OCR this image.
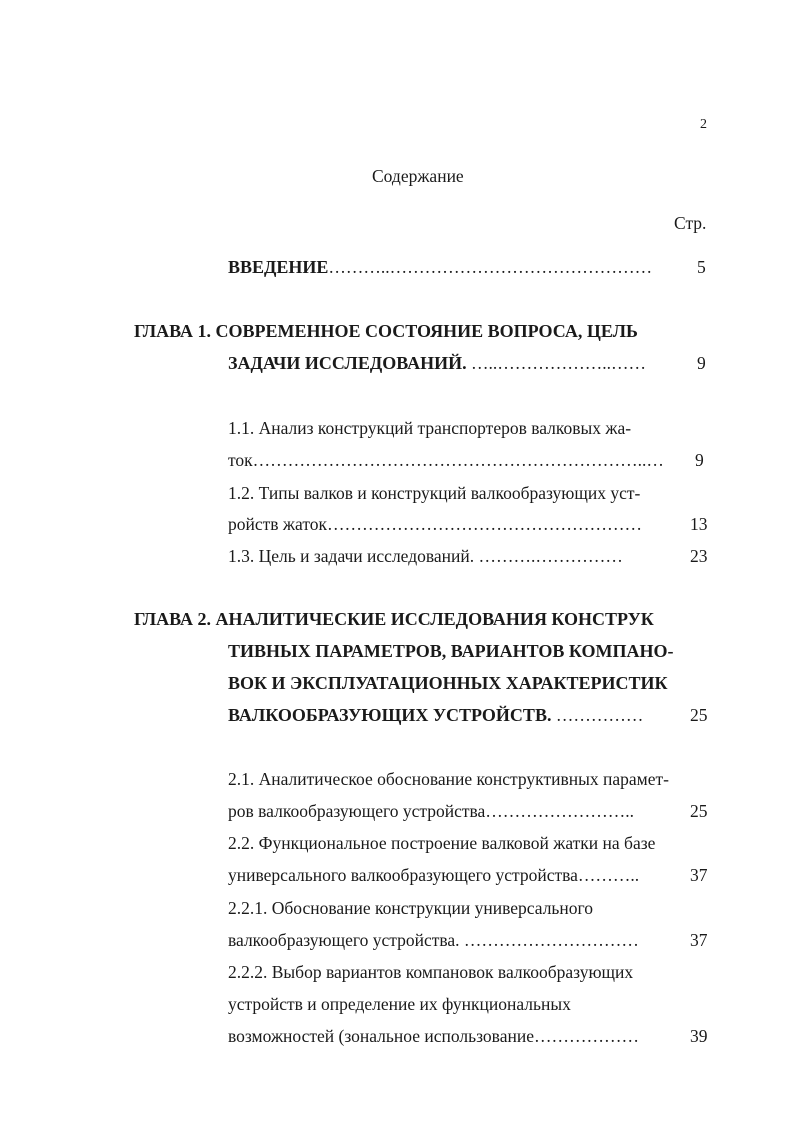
2
Содержание
Стр.
ВВЕДЕНИЕ………..………………………………………	5
ГЛАВА 1. СОВРЕМЕННОЕ СОСТОЯНИЕ ВОПРОСА, ЦЕЛЬ
ЗАДАЧИ ИССЛЕДОВАНИЙ. …..………………..……	9
1.1. Анализ конструкций транспортеров валковых жа-
ток…………………………………………………………..… 9
1.2. Типы валков и конструкций валкообразующих уст-
ройств жаток………………………………………………	13
1.3. Цель и задачи исследований. ……….……………	23
ГЛАВА 2. АНАЛИТИЧЕСКИЕ ИССЛЕДОВАНИЯ КОНСТРУК
ТИВНЫХ ПАРАМЕТРОВ, ВАРИАНТОВ КОМПАНО-
ВОК И ЭКСПЛУАТАЦИОННЫХ ХАРАКТЕРИСТИК
ВАЛКООБРАЗУЮЩИХ УСТРОЙСТВ. ……………	25
2.1. Аналитическое обоснование конструктивных парамет-
ров валкообразующего устройства……………………..	25
2.2. Функциональное построение валковой жатки на базе
универсального валкообразующего устройства………..	37
2.2.1. Обоснование конструкции универсального
валкообразующего устройства. …………………………	37
2.2.2. Выбор вариантов компановок валкообразующих
устройств и определение их функциональных
возможностей (зональное использование………………	39
